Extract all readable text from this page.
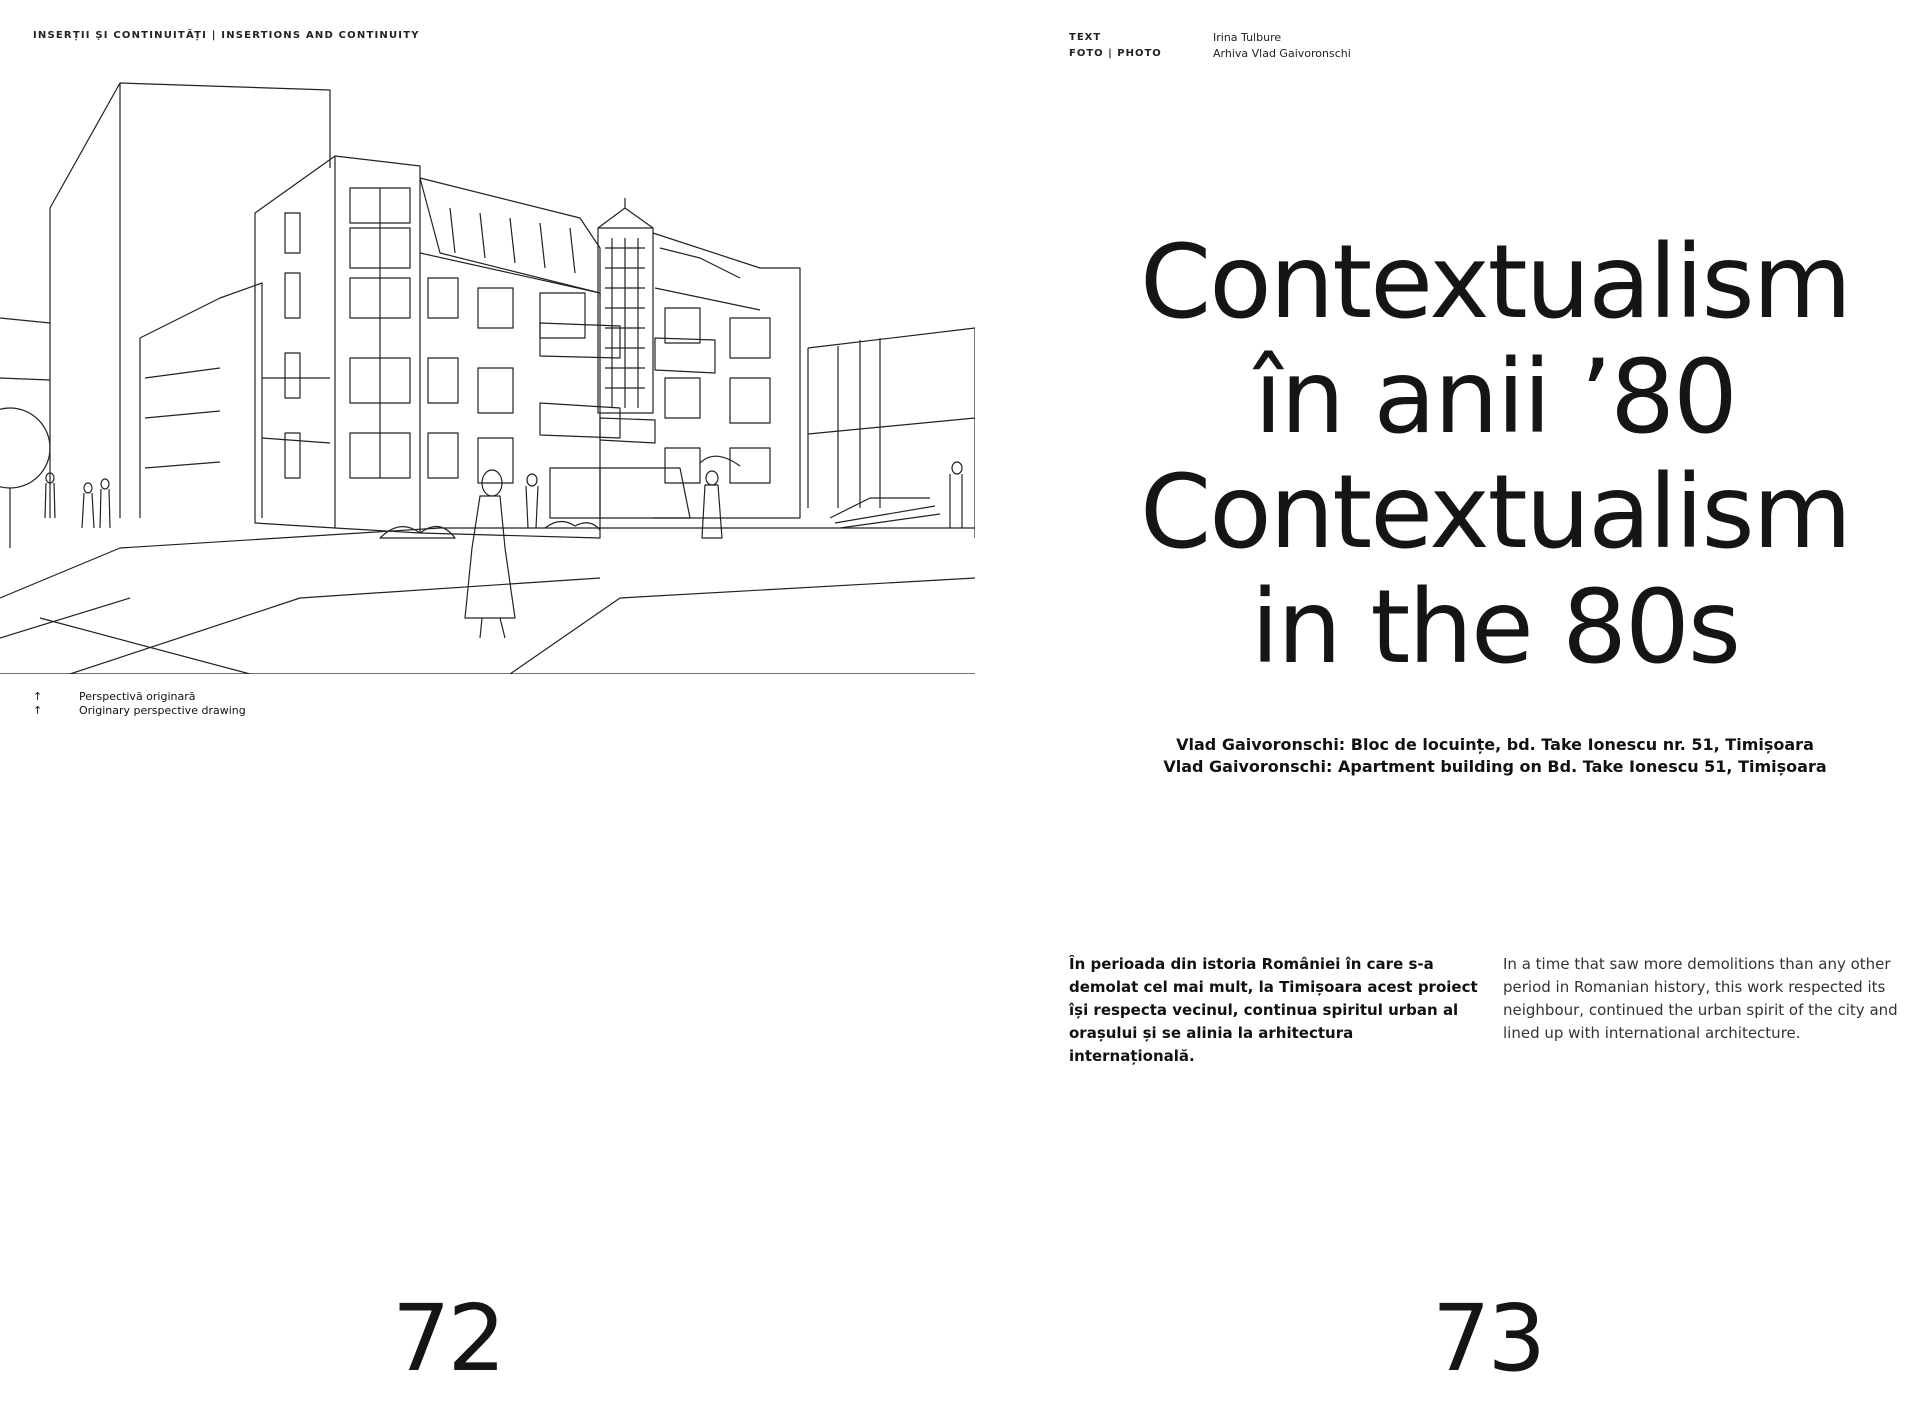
INSERȚII ȘI CONTINUITĂȚI | INSERTIONS AND CONTINUITY
↑	Perspectivă originară
↑	Originary perspective drawing
72
TEXT
FOTO | PHOTO
Irina Tulbure
Arhiva Vlad Gaivoronschi
Contextualism
în anii ’80
Contextualism
in the 80s
Vlad Gaivoronschi: Bloc de locuințe, bd. Take Ionescu nr. 51, Timișoara
Vlad Gaivoronschi: Apartment building on Bd. Take Ionescu 51, Timișoara
În perioada din istoria României în care s-a demolat cel mai mult, la Timișoara acest proiect își respecta vecinul, continua spiritul urban al orașului și se alinia la arhitectura internațională.
In a time that saw more demolitions than any other period in Romanian history, this work respected its neighbour, continued the urban spirit of the city and lined up with international architecture.
73
